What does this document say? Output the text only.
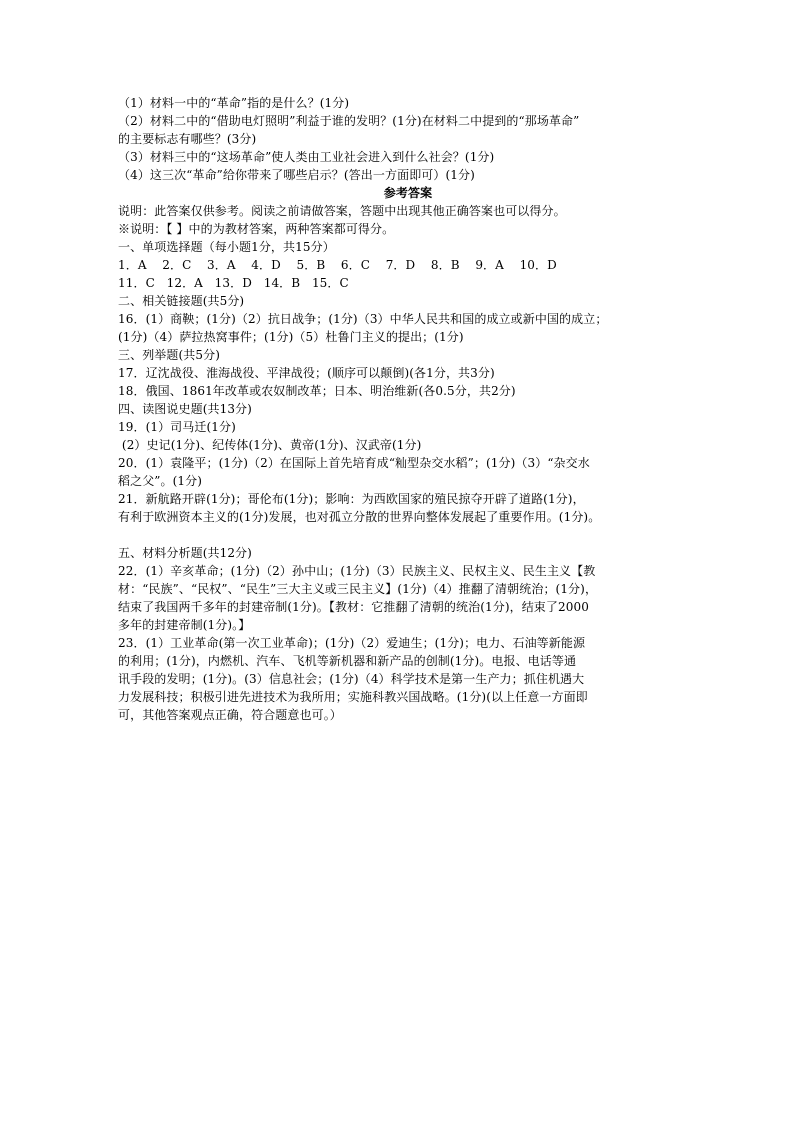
（1）材料一中的“革命”指的是什么？(1分)
（2）材料二中的“借助电灯照明”利益于谁的发明？(1分)在材料二中提到的“那场革命”
的主要标志有哪些？(3分)
（3）材料三中的“这场革命”使人类由工业社会进入到什么社会？(1分)
（4）这三次“革命”给你带来了哪些启示？(答出一方面即可）(1分)
参考答案
说明：此答案仅供参考。阅读之前请做答案，答题中出现其他正确答案也可以得分。
※说明：【 】中的为教材答案，两种答案都可得分。
一、单项选择题（每小题1分，共15分）
1．A    2．C    3．A    4．D    5．B    6．C    7．D    8．B    9．A    10．D
11．C   12．A   13．D   14．B   15．C
二、相关链接题(共5分)
16．(1）商鞅；(1分)（2）抗日战争；(1分)（3）中华人民共和国的成立或新中国的成立；
(1分)（4）萨拉热窝事件；(1分)（5）杜鲁门主义的提出；(1分)
三、列举题(共5分)
17．辽沈战役、淮海战役、平津战役；(顺序可以颠倒)(各1分，共3分)
18．俄国、1861年改革或农奴制改革；日本、明治维新(各0.5分，共2分)
四、读图说史题(共13分)
19．(1）司马迁(1分)
(2）史记(1分)、纪传体(1分)、黄帝(1分)、汉武帝(1分)
20．(1）袁隆平；(1分)（2）在国际上首先培育成“籼型杂交水稻”；(1分)（3）“杂交水
稻之父”。(1分)
21．新航路开辟(1分)；哥伦布(1分)；影响：为西欧国家的殖民掠夺开辟了道路(1分)，
有利于欧洲资本主义的(1分)发展，也对孤立分散的世界向整体发展起了重要作用。(1分)。
五、材料分析题(共12分)
22．(1）辛亥革命；(1分)（2）孙中山；(1分)（3）民族主义、民权主义、民生主义【教
材：“民族”、“民权”、“民生”三大主义或三民主义】(1分)（4）推翻了清朝统治；(1分)，
结束了我国两千多年的封建帝制(1分)。【教材：它推翻了清朝的统治(1分)，结束了2000
多年的封建帝制(1分)。】
23．(1）工业革命(第一次工业革命)；(1分)（2）爱迪生；(1分)；电力、石油等新能源
的利用；(1分)，内燃机、汽车、飞机等新机器和新产品的创制(1分)。电报、电话等通
讯手段的发明；(1分)。(3）信息社会；(1分)（4）科学技术是第一生产力；抓住机遇大
力发展科技；积极引进先进技术为我所用；实施科教兴国战略。(1分)(以上任意一方面即
可，其他答案观点正确，符合题意也可。）
